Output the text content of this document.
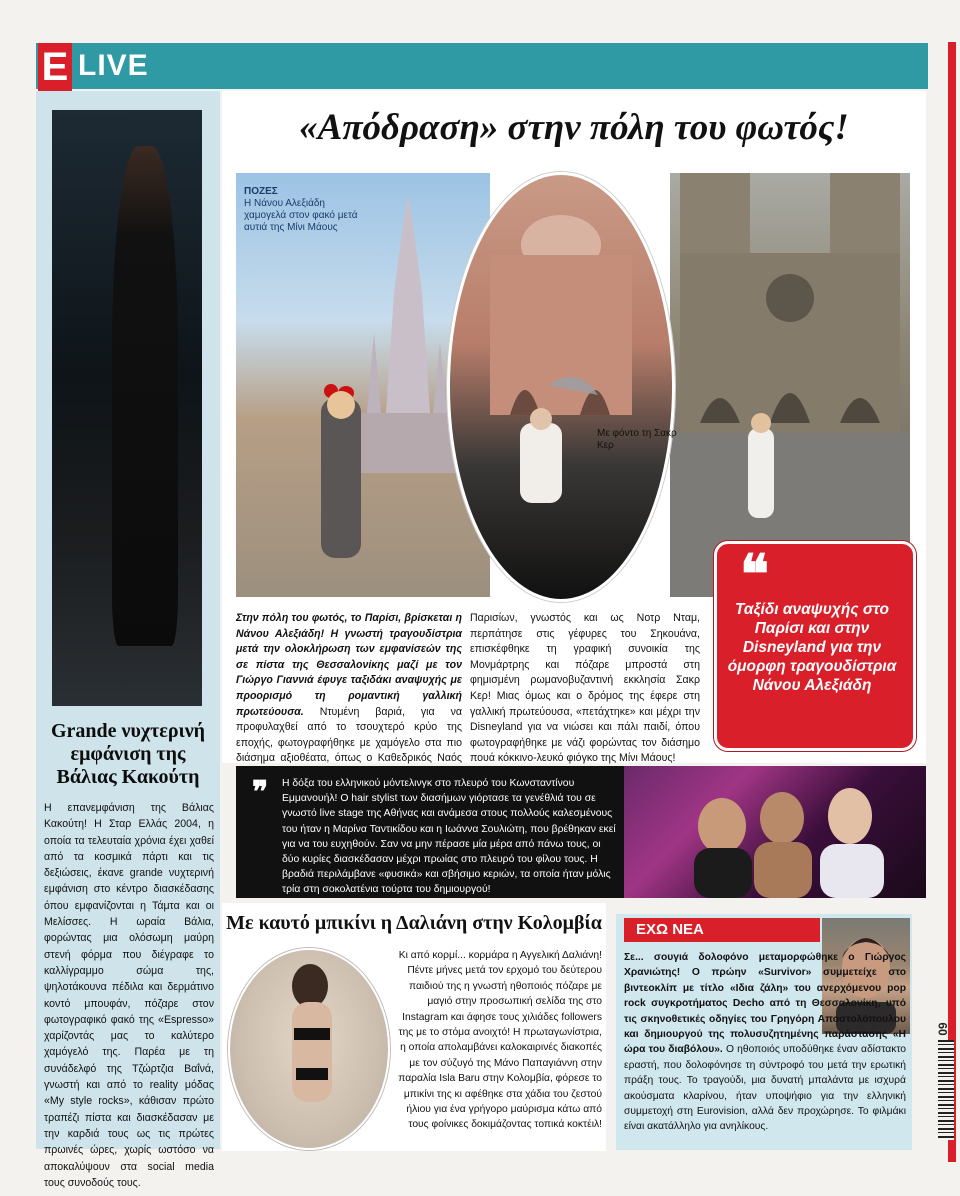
E LIVE
Grande νυχτερινή εμφάνιση της Βάλιας Κακούτη
Η επανεμφάνιση της Βάλιας Κακούτη! Η Σταρ Ελλάς 2004, η οποία τα τελευταία χρόνια έχει χαθεί από τα κοσμικά πάρτι και τις δεξιώσεις, έκανε grande νυχτερινή εμφάνιση στο κέντρο διασκέδασης όπου εμφανίζονται η Τάμτα και οι Μελίσσες. Η ωραία Βάλια, φορώντας μια ολόσωμη μαύρη στενή φόρμα που διέγραφε το καλλίγραμμο σώμα της, ψηλοτάκουνα πέδιλα και δερμάτινο κοντό μπουφάν, πόζαρε στον φωτογραφικό φακό της «Espresso» χαρίζοντάς μας το καλύτερο χαμόγελό της. Παρέα με τη συνάδελφό της Τζώρτζια Βαΐνά, γνωστή και από το reality μόδας «My style rocks», κάθισαν πρώτο τραπέζι πίστα και διασκέδασαν με την καρδιά τους ως τις πρώτες πρωινές ώρες, χωρίς ωστόσο να αποκαλύψουν στα social media τους συνοδούς τους.
«Απόδραση» στην πόλη του φωτός!
ΠΟΖΕΣ
Η Νάνου Αλεξιάδη χαμογελά στον φακό μετά αυτιά της Μίνι Μάους
Με φόντο τη Σακρ Κερ
Στην πόλη του φωτός, το Παρίσι, βρίσκεται η Νάνου Αλεξιάδη! Η γνωστή τραγουδίστρια μετά την ολοκλήρωση των εμφανίσεών της σε πίστα της Θεσσαλονίκης μαζί με τον Γιώργο Γιαννιά έφυγε ταξιδάκι αναψυχής με προορισμό τη ρομαντική γαλλική πρωτεύουσα. Ντυμένη βαριά, για να προφυλαχθεί από το τσουχτερό κρύο της εποχής, φωτογραφήθηκε με χαμόγελο στα πιο διάσημα αξιοθέατα, όπως ο Καθεδρικός Ναός
Παρισίων, γνωστός και ως Νοτρ Νταμ, περπάτησε στις γέφυρες του Σηκουάνα, επισκέφθηκε τη γραφική συνοικία της Μονμάρτρης και πόζαρε μπροστά στη φημισμένη ρωμανοβυζαντινή εκκλησία Σακρ Κερ! Μιας όμως και ο δρόμος της έφερε στη γαλλική πρωτεύουσα, «πετάχτηκε» και μέχρι την Disneyland για να νιώσει και πάλι παιδί, όπου φωτογραφήθηκε με νάζι φορώντας τον διάσημο πουά κόκκινο-λευκό φιόγκο της Μίνι Μάους!
❝
Ταξίδι αναψυχής στο Παρίσι και στην Disneyland για την όμορφη τραγουδίστρια Νάνου Αλεξιάδη
❞ Η δόξα του ελληνικού μόντελινγκ στο πλευρό του Κωνσταντίνου Εμμανουήλ! Ο hair stylist των διασήμων γιόρτασε τα γενέθλιά του σε γνωστό live stage της Αθήνας και ανάμεσα στους πολλούς καλεσμένους του ήταν η Μαρίνα Ταντικίδου και η Ιωάννα Σουλιώτη, που βρέθηκαν εκεί για να του ευχηθούν. Σαν να μην πέρασε μία μέρα από πάνω τους, οι δύο κυρίες διασκέδασαν μέχρι πρωίας στο πλευρό του φίλου τους. Η βραδιά περιλάμβανε «φυσικά» και σβήσιμο κεριών, τα οποία ήταν μόλις τρία στη σοκολατένια τούρτα του δημιουργού!
Με καυτό μπικίνι η Δαλιάνη στην Κολομβία
Κι από κορμί... κορμάρα η Αγγελική Δαλιάνη! Πέντε μήνες μετά τον ερχομό του δεύτερου παιδιού της η γνωστή ηθοποιός πόζαρε με μαγιό στην προσωπική σελίδα της στο Instagram και άφησε τους χιλιάδες followers της με το στόμα ανοιχτό! Η πρωταγωνίστρια, η οποία απολαμβάνει καλοκαιρινές διακοπές με τον σύζυγό της Μάνο Παπαγιάννη στην παραλία Isla Baru στην Κολομβία, φόρεσε το μπικίνι της κι αφέθηκε στα χάδια του ζεστού ήλιου για ένα γρήγορο μαύρισμα κάτω από τους φοίνικες δοκιμάζοντας τοπικά κοκτέιλ!
ΕΧΩ ΝΕΑ
Σε... σουγιά δολοφόνο μεταμορφώθηκε ο Γιώργος Χρανιώτης! Ο πρώην «Survivor» συμμετείχε στο βιντεοκλίπ με τίτλο «Ιδια ζάλη» του ανερχόμενου pop rock συγκροτήματος Decho από τη Θεσσαλονίκη, υπό τις σκηνοθετικές οδηγίες του Γρηγόρη Αποστολόπουλου και δημιουργού της πολυσυζητημένης παράστασης «Η ώρα του διαβόλου». Ο ηθοποιός υποδύθηκε έναν αδίστακτο εραστή, που δολοφόνησε τη σύντροφό του μετά την ερωτική πράξη τους. Το τραγούδι, μια δυνατή μπαλάντα με ισχυρά ακούσματα κλαρίνου, ήταν υποψήφιο για την ελληνική συμμετοχή στη Eurovision, αλλά δεν προχώρησε. Το φιλμάκι είναι ακατάλληλο για ανηλίκους.
60
